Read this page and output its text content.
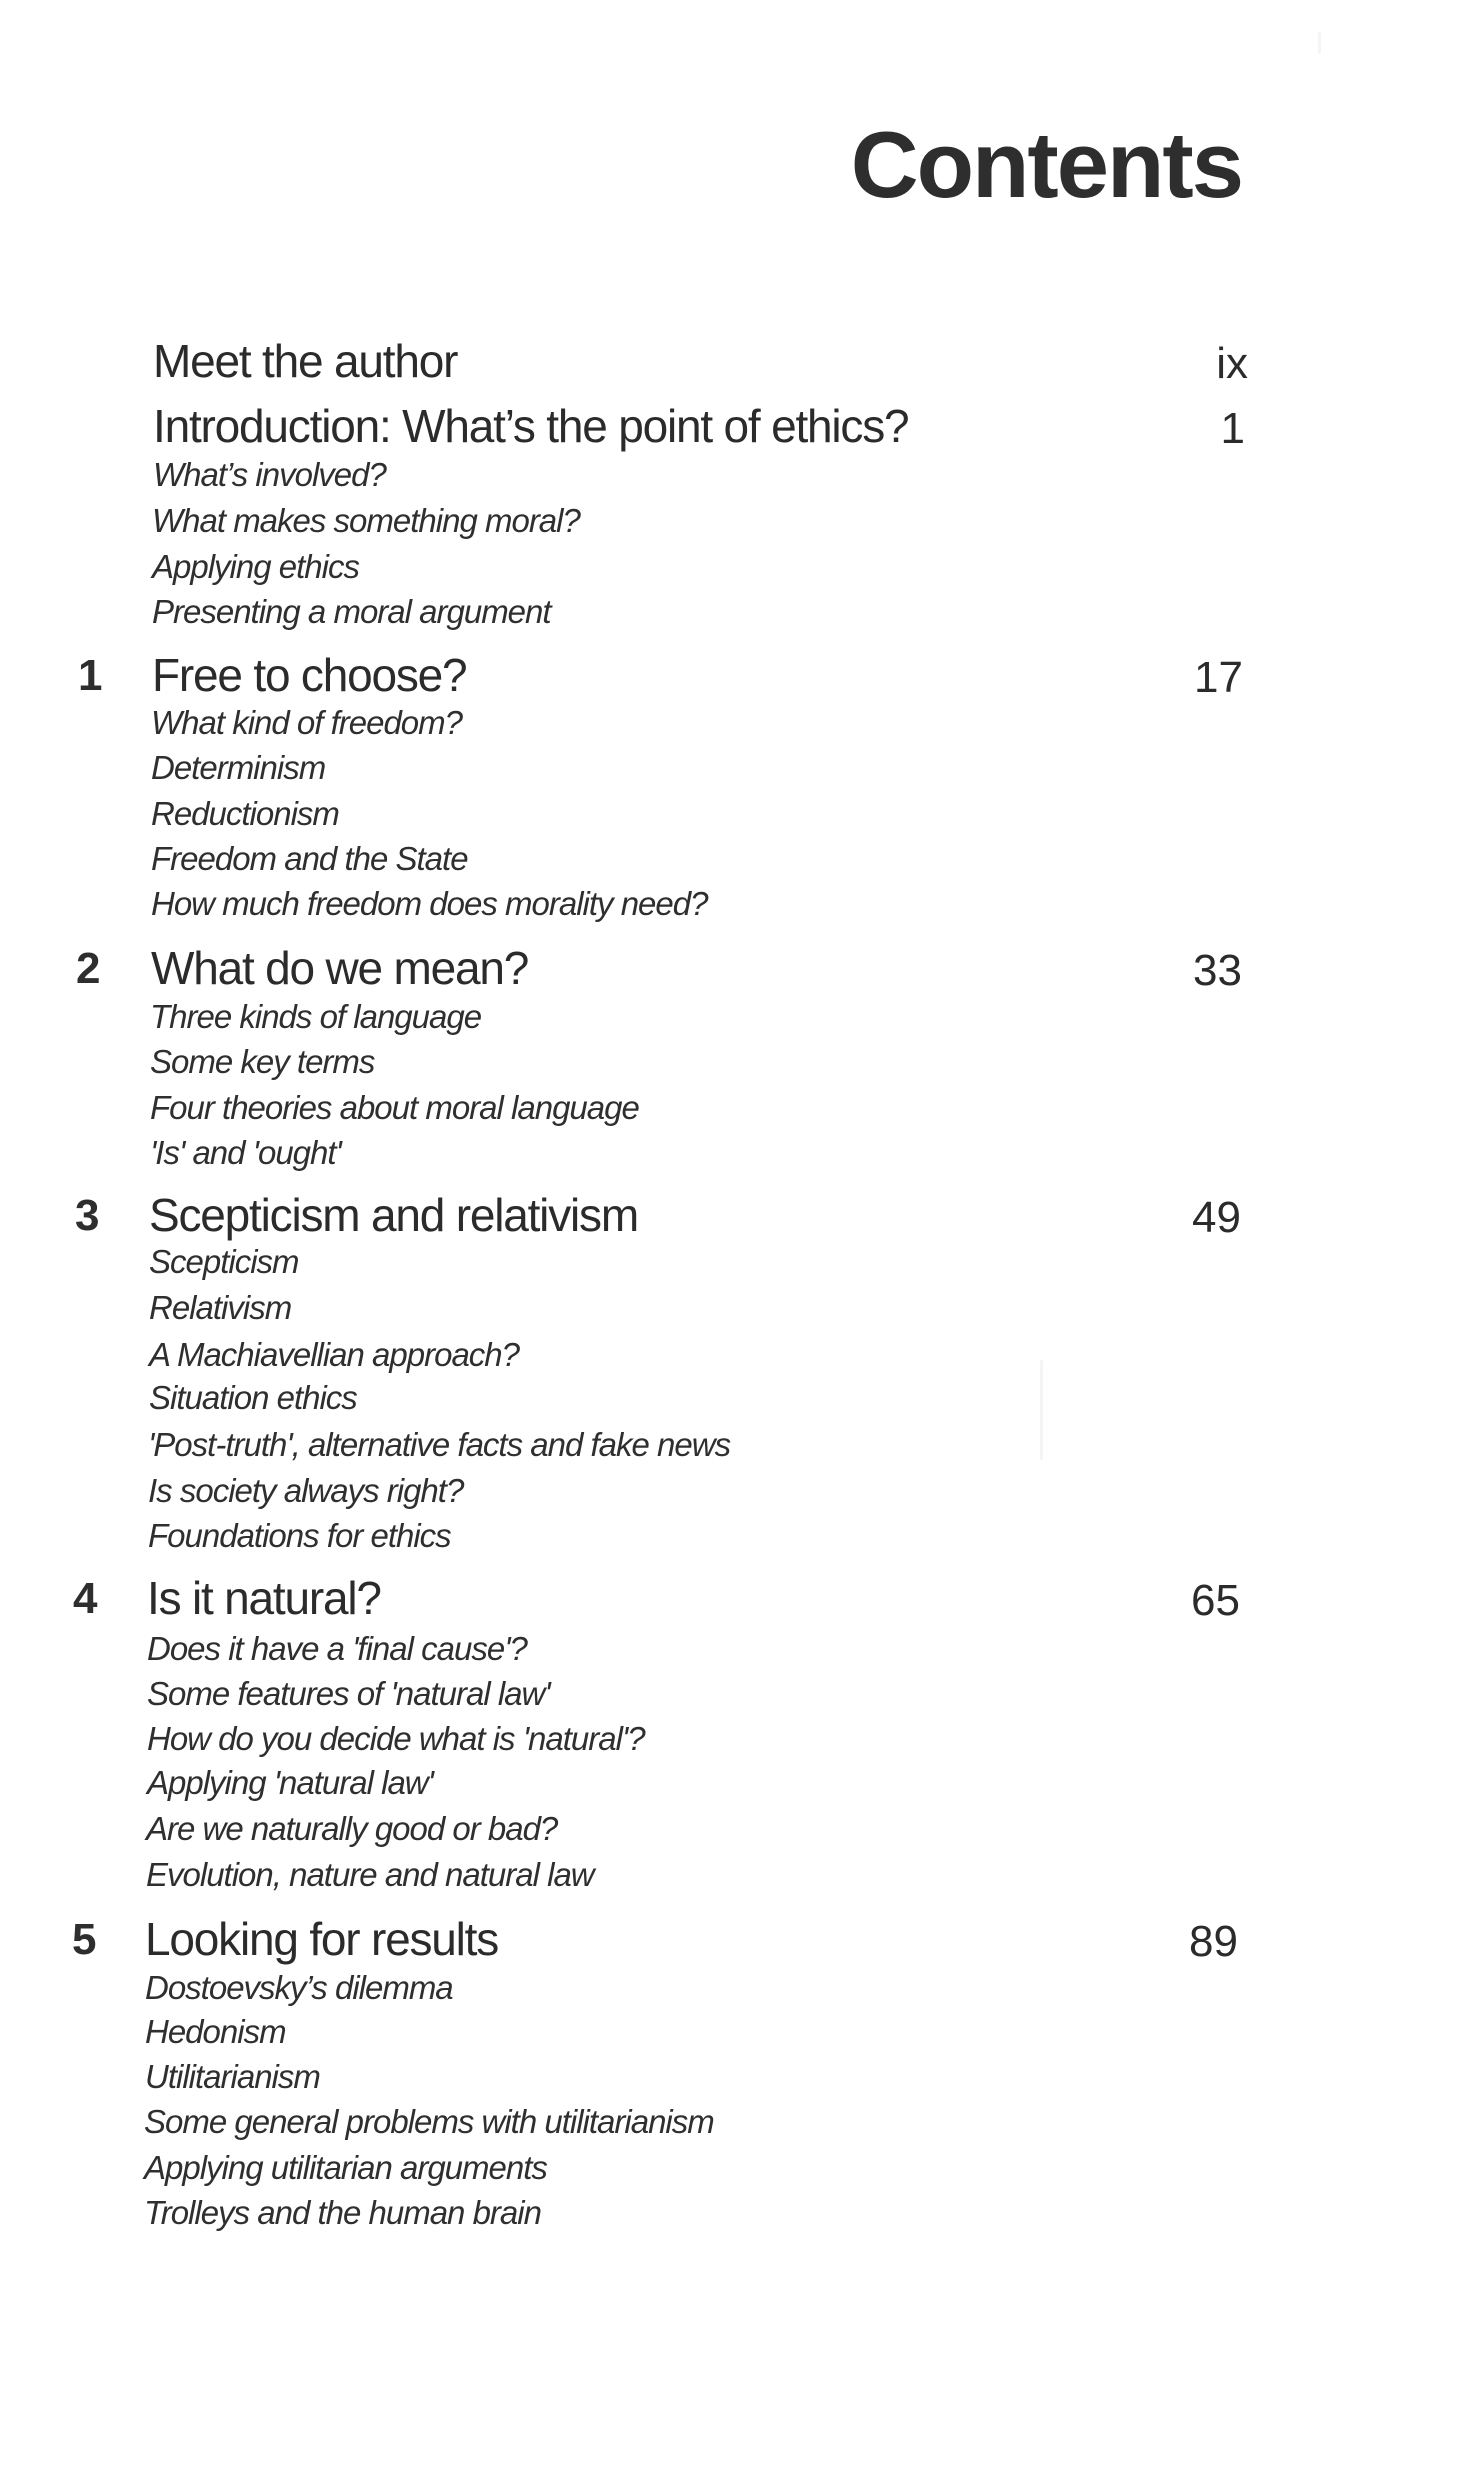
Contents
Meet the author	ix
Introduction: What’s the point of ethics?	1
What’s involved?
What makes something moral?
Applying ethics
Presenting a moral argument
1 Free to choose?	17
What kind of freedom?
Determinism
Reductionism
Freedom and the State
How much freedom does morality need?
2 What do we mean?	33
Three kinds of language
Some key terms
Four theories about moral language
'Is' and 'ought'
3 Scepticism and relativism	49
Scepticism
Relativism
A Machiavellian approach?
Situation ethics
'Post-truth', alternative facts and fake news
Is society always right?
Foundations for ethics
4 Is it natural?	65
Does it have a 'final cause'?
Some features of 'natural law'
How do you decide what is 'natural'?
Applying 'natural law'
Are we naturally good or bad?
Evolution, nature and natural law
5 Looking for results	89
Dostoevsky’s dilemma
Hedonism
Utilitarianism
Some general problems with utilitarianism
Applying utilitarian arguments
Trolleys and the human brain
